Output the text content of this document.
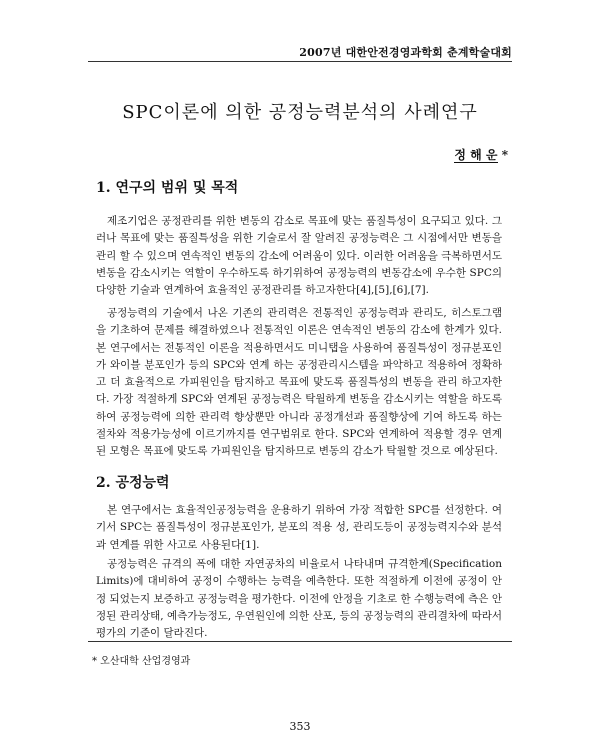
2007년 대한안전경영과학회 춘계학술대회
SPC이론에 의한 공정능력분석의 사례연구
정 해 운 *
1. 연구의 범위 및 목적

제조기업은 공정관리를 위한 변동의 감소로 목표에 맞는 품질특성이 요구되고 있다. 그러나 목표에 맞는 품질특성을 위한 기술로서 잘 알려진 공정능력은 그 시점에서만 변동을 관리 할 수 있으며 연속적인 변동의 감소에 어려움이 있다. 이러한 어려움을 극복하면서도 변동을 감소시키는 역할이 우수하도록 하기위하여 공정능력의 변동감소에 우수한 SPC의 다양한 기술과 연계하여 효율적인 공정관리를 하고자한다[4],[5],[6],[7].

공정능력의 기술에서 나온 기존의 관리력은 전통적인 공정능력과 관리도, 히스토그램을 기초하여 문제를 해결하였으나 전통적인 이론은 연속적인 변동의 감소에 한계가 있다. 본 연구에서는 전통적인 이론을 적용하면서도 미니탭을 사용하여 품질특성이 정규분포인가 와이블 분포인가 등의 SPC와 연계 하는 공정관리시스템을 파악하고 적용하여 정확하고 더 효율적으로 가피원인을 탐지하고 목표에 맞도록 품질특성의 변동을 관리 하고자한다. 가장 적절하게 SPC와 연계된 공정능력은 탁월하게 변동을 감소시키는 역할을 하도록 하여 공정능력에 의한 관리력 향상뿐만 아니라 공정개선과 품질향상에 기여 하도록 하는 절차와 적용가능성에 이르기까지를 연구범위로 한다. SPC와 연계하여 적용할 경우 연계된 모형은 목표에 맞도록 가피원인을 탐지하므로 변동의 감소가 탁월할 것으로 예상된다.

2. 공정능력

본 연구에서는 효율적인공정능력을 운용하기 위하여 가장 적합한 SPC를 선정한다. 여기서 SPC는 품질특성이 정규분포인가, 분포의 적용 성, 관리도등이 공정능력지수와 분석과 연계를 위한 사고로 사용된다[1].

공정능력은 규격의 폭에 대한 자연공차의 비율로서 나타내며 규격한계(Specification Limits)에 대비하여 공정이 수행하는 능력을 예측한다. 또한 적절하게 이전에 공정이 안정 되었는지 보증하고 공정능력을 평가한다. 이전에 안정을 기초로 한 수행능력에 측은 안정된 관리상태, 예측가능정도, 우연원인에 의한 산포, 등의 공정능력의 관리결차에 따라서 평가의 기준이 달라진다.

* 오산대학 산업경영과
353
